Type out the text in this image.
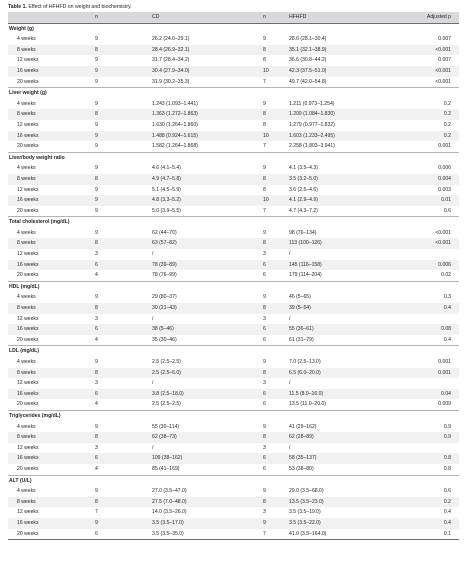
Table 1. Effect of HFHFD on weight and biochemistry.
	n	CD	n	HFHFD	Adjusted p
Weight (g)					
4 weeks	9	26.2 (24.0–29.1)	9	28.6 (28.1–30.4)	0.007
8 weeks	8	28.4 (26.9–32.1)	8	35.1 (32.1–38.9)	<0.001
12 weeks	9	31.7 (28.4–34.2)	8	36.6 (30.8–44.2)	0.007
16 weeks	9	30.4 (27.9–34.0)	10	42.3 (37.5–51.0)	<0.001
20 weeks	9	31.9 (30.2–35.3)	7	49.7 (42.0–54.8)	<0.001
Liver weight (g)					
4 weeks	9	1.243 (1.093–1.441)	9	1.211 (0.973–1.254)	0.2
8 weeks	8	1.363 (1.272–1.863)	8	1.209 (1.084–1.830)	0.2
12 weeks	9	1.630 (1.264–1.860)	8	1.279 (0.977–1.832)	0.2
16 weeks	9	1.488 (0.924–1.615)	10	1.603 (1.233–2.495)	0.2
20 weeks	9	1.582 (1.264–1.868)	7	2.258 (1.803–3.941)	0.001
Liver/body weight ratio					
4 weeks	9	4.6 (4.1–5.4)	9	4.1 (3.5–4.3)	0.006
8 weeks	8	4.9 (4.7–5.8)	8	3.5 (3.2–5.0)	0.004
12 weeks	9	5.1 (4.5–5.9)	8	3.6 (2.5–4.6)	0.003
16 weeks	9	4.8 (3.3–5.2)	10	4.1 (2.9–4.9)	0.01
20 weeks	9	5.0 (3.9–5.5)	7	4.7 (4.3–7.2)	0.6
Total cholesterol (mg/dL)					
4 weeks	9	62 (44–70)	9	98 (76–134)	<0.001
8 weeks	8	63 (57–82)	8	113 (100–126)	<0.001
12 weeks	3	/	3	/	
16 weeks	6	78 (39–89)	6	145 (116–158)	0.006
20 weeks	4	78 (76–99)	6	179 (114–204)	0.02
HDL (mg/dL)					
4 weeks	9	29 (80–37)	9	46 (5–65)	0.3
8 weeks	8	30 (21–43)	8	39 (5–54)	0.4
12 weeks	3	/	3	/	
16 weeks	6	38 (5–46)	6	55 (36–61)	0.08
20 weeks	4	35 (30–46)	6	61 (31–79)	0.4
LDL (mg/dL)					
4 weeks	9	2.5 (2.5–2.5)	9	7.0 (2.5–13.0)	0.001
8 weeks	8	2.5 (2.5–6.0)	8	6.5 (6.0–20.0)	0.001
12 weeks	3	/	3	/	
16 weeks	6	3.8 (2.5–18.0)	6	11.5 (8.0–16.0)	0.04
20 weeks	4	2.5 (2.5–2.5)	6	13.5 (11.0–20.0)	0.009
Triglycerides (mg/dL)					
4 weeks	9	55 (30–114)	9	41 (29–162)	0.9
8 weeks	8	62 (38–73)	8	62 (28–89)	0.9
12 weeks	3	/	3	/	
16 weeks	6	109 (38–162)	6	58 (35–137)	0.8
20 weeks	4	85 (41–169)	6	53 (38–80)	0.8
ALT (U/L)					
4 weeks	9	27.0 (3.5–47.0)	9	29.0 (3.5–68.0)	0.6
8 weeks	8	27.5 (7.0–48.0)	8	13.5 (3.5–23.0)	0.2
12 weeks	7	14.0 (3.5–26.0)	3	3.5 (3.5–19.0)	0.4
16 weeks	9	3.5 (3.5–17.0)	9	3.5 (3.5–22.0)	0.4
20 weeks	6	3.5 (3.5–35.0)	7	41.0 (3.5–164.0)	0.1
